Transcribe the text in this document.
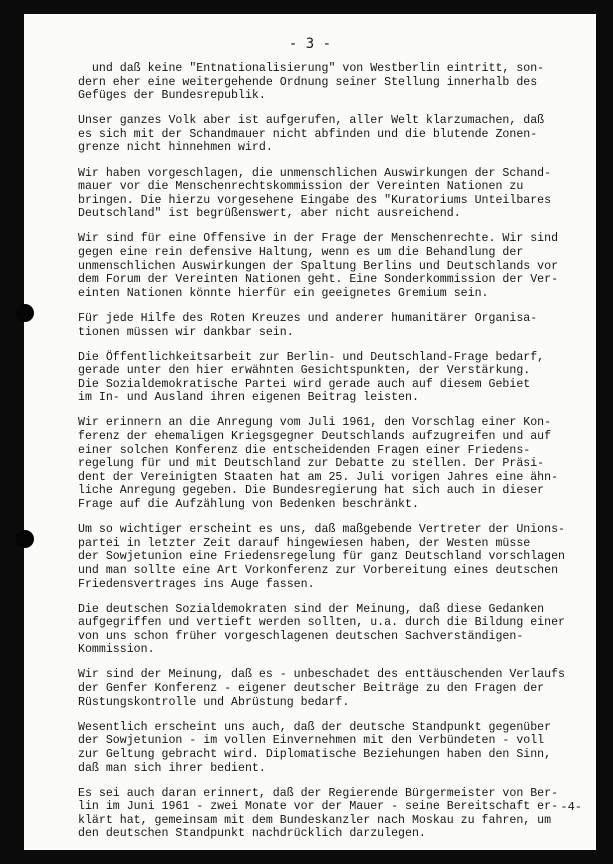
- 3 -
und daß keine "Entnationalisierung" von Westberlin eintritt, son-
dern eher eine weitergehende Ordnung seiner Stellung innerhalb des
Gefüges der Bundesrepublik.
Unser ganzes Volk aber ist aufgerufen, aller Welt klarzumachen, daß
es sich mit der Schandmauer nicht abfinden und die blutende Zonen-
grenze nicht hinnehmen wird.
Wir haben vorgeschlagen, die unmenschlichen Auswirkungen der Schand-
mauer vor die Menschenrechtskommission der Vereinten Nationen zu
bringen. Die hierzu vorgesehene Eingabe des "Kuratoriums Unteilbares
Deutschland" ist begrüßenswert, aber nicht ausreichend.
Wir sind für eine Offensive in der Frage der Menschenrechte. Wir sind
gegen eine rein defensive Haltung, wenn es um die Behandlung der
unmenschlichen Auswirkungen der Spaltung Berlins und Deutschlands vor
dem Forum der Vereinten Nationen geht. Eine Sonderkommission der Ver-
einten Nationen könnte hierfür ein geeignetes Gremium sein.
Für jede Hilfe des Roten Kreuzes und anderer humanitärer Organisa-
tionen müssen wir dankbar sein.
Die Öffentlichkeitsarbeit zur Berlin- und Deutschland-Frage bedarf,
gerade unter den hier erwähnten Gesichtspunkten, der Verstärkung.
Die Sozialdemokratische Partei wird gerade auch auf diesem Gebiet
im In- und Ausland ihren eigenen Beitrag leisten.
Wir erinnern an die Anregung vom Juli 1961, den Vorschlag einer Kon-
ferenz der ehemaligen Kriegsgegner Deutschlands aufzugreifen und auf
einer solchen Konferenz die entscheidenden Fragen einer Friedens-
regelung für und mit Deutschland zur Debatte zu stellen. Der Präsi-
dent der Vereinigten Staaten hat am 25. Juli vorigen Jahres eine ähn-
liche Anregung gegeben. Die Bundesregierung hat sich auch in dieser
Frage auf die Aufzählung von Bedenken beschränkt.
Um so wichtiger erscheint es uns, daß maßgebende Vertreter der Unions-
partei in letzter Zeit darauf hingewiesen haben, der Westen müsse
der Sowjetunion eine Friedensregelung für ganz Deutschland vorschlagen
und man sollte eine Art Vorkonferenz zur Vorbereitung eines deutschen
Friedensvertrages ins Auge fassen.
Die deutschen Sozialdemokraten sind der Meinung, daß diese Gedanken
aufgegriffen und vertieft werden sollten, u.a. durch die Bildung einer
von uns schon früher vorgeschlagenen deutschen Sachverständigen-
Kommission.
Wir sind der Meinung, daß es - unbeschadet des enttäuschenden Verlaufs
der Genfer Konferenz - eigener deutscher Beiträge zu den Fragen der
Rüstungskontrolle und Abrüstung bedarf.
Wesentlich erscheint uns auch, daß der deutsche Standpunkt gegenüber
der Sowjetunion - im vollen Einvernehmen mit den Verbündeten - voll
zur Geltung gebracht wird. Diplomatische Beziehungen haben den Sinn,
daß man sich ihrer bedient.
Es sei auch daran erinnert, daß der Regierende Bürgermeister von Ber-
lin im Juni 1961 - zwei Monate vor der Mauer - seine Bereitschaft er-
klärt hat, gemeinsam mit dem Bundeskanzler nach Moskau zu fahren, um
den deutschen Standpunkt nachdrücklich darzulegen.
-4-
